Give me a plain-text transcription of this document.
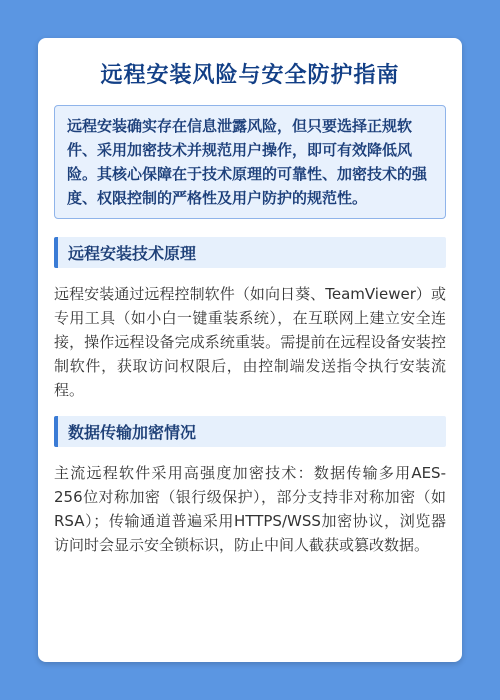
远程安装风险与安全防护指南
远程安装确实存在信息泄露风险，但只要选择正规软件、采用加密技术并规范用户操作，即可有效降低风险。其核心保障在于技术原理的可靠性、加密技术的强度、权限控制的严格性及用户防护的规范性。
远程安装技术原理
远程安装通过远程控制软件（如向日葵、TeamViewer）或专用工具（如小白一键重装系统），在互联网上建立安全连接，操作远程设备完成系统重装。需提前在远程设备安装控制软件，获取访问权限后，由控制端发送指令执行安装流程。
数据传输加密情况
主流远程软件采用高强度加密技术：数据传输多用AES-256位对称加密（银行级保护），部分支持非对称加密（如RSA）；传输通道普遍采用HTTPS/WSS加密协议，浏览器访问时会显示安全锁标识，防止中间人截获或篡改数据。
